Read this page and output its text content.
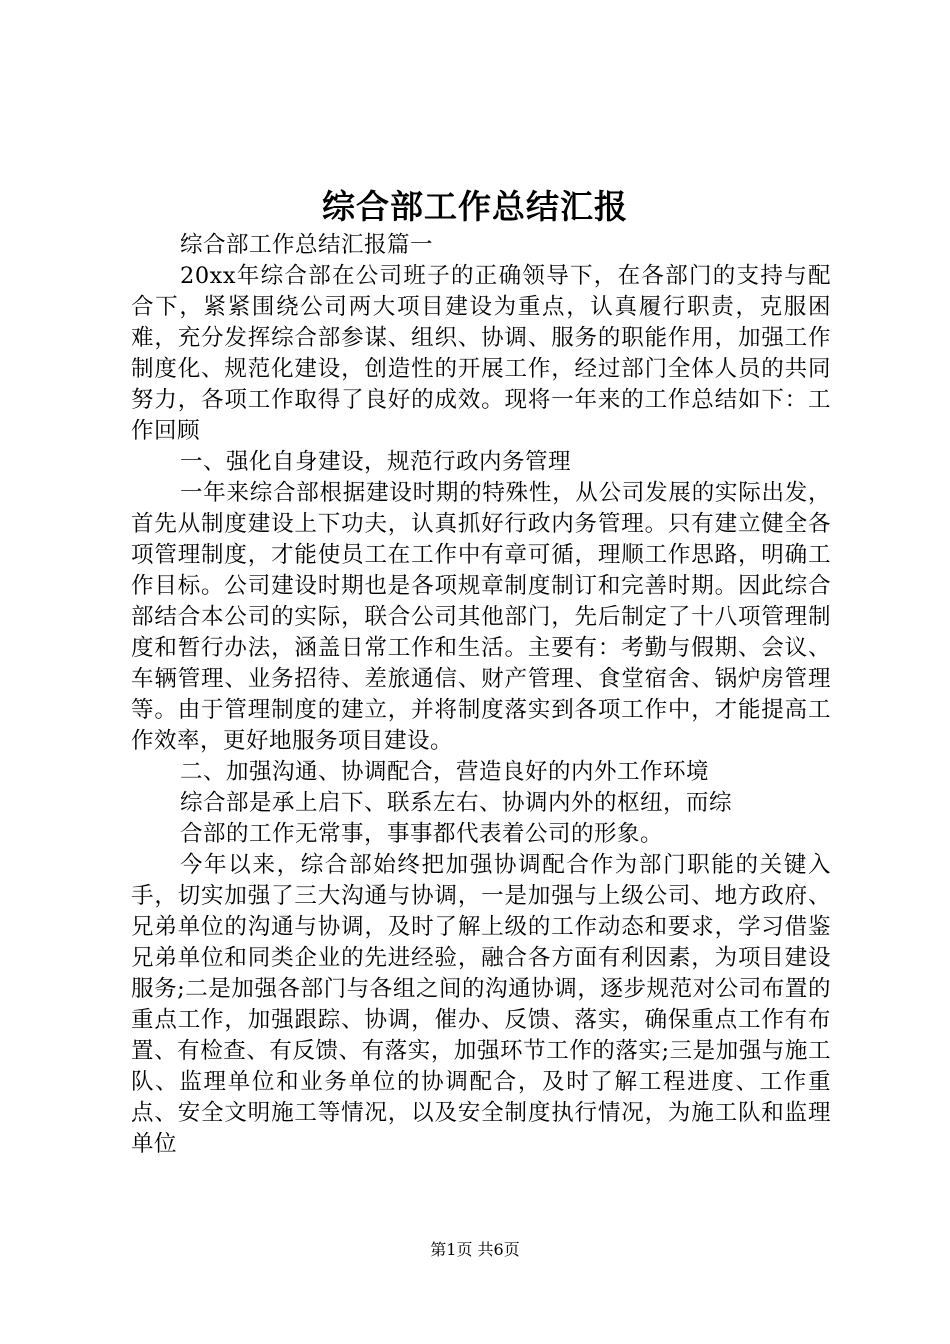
综合部工作总结汇报

综合部工作总结汇报篇一

20xx年综合部在公司班子的正确领导下，在各部门的支持与配合下，紧紧围绕公司两大项目建设为重点，认真履行职责，克服困难，充分发挥综合部参谋、组织、协调、服务的职能作用，加强工作制度化、规范化建设，创造性的开展工作，经过部门全体人员的共同努力，各项工作取得了良好的成效。现将一年来的工作总结如下：工作回顾

一、强化自身建设，规范行政内务管理

一年来综合部根据建设时期的特殊性，从公司发展的实际出发，首先从制度建设上下功夫，认真抓好行政内务管理。只有建立健全各项管理制度，才能使员工在工作中有章可循，理顺工作思路，明确工作目标。公司建设时期也是各项规章制度制订和完善时期。因此综合部结合本公司的实际，联合公司其他部门，先后制定了十八项管理制度和暂行办法，涵盖日常工作和生活。主要有：考勤与假期、会议、车辆管理、业务招待、差旅通信、财产管理、食堂宿舍、锅炉房管理等。由于管理制度的建立，并将制度落实到各项工作中，才能提高工作效率，更好地服务项目建设。

二、加强沟通、协调配合，营造良好的内外工作环境

综合部是承上启下、联系左右、协调内外的枢纽，而综

合部的工作无常事，事事都代表着公司的形象。

今年以来，综合部始终把加强协调配合作为部门职能的关键入手，切实加强了三大沟通与协调，一是加强与上级公司、地方政府、兄弟单位的沟通与协调，及时了解上级的工作动态和要求，学习借鉴兄弟单位和同类企业的先进经验，融合各方面有利因素，为项目建设服务;二是加强各部门与各组之间的沟通协调，逐步规范对公司布置的重点工作，加强跟踪、协调，催办、反馈、落实，确保重点工作有布置、有检查、有反馈、有落实，加强环节工作的落实;三是加强与施工队、监理单位和业务单位的协调配合，及时了解工程进度、工作重点、安全文明施工等情况，以及安全制度执行情况，为施工队和监理单位

第1页 共6页
